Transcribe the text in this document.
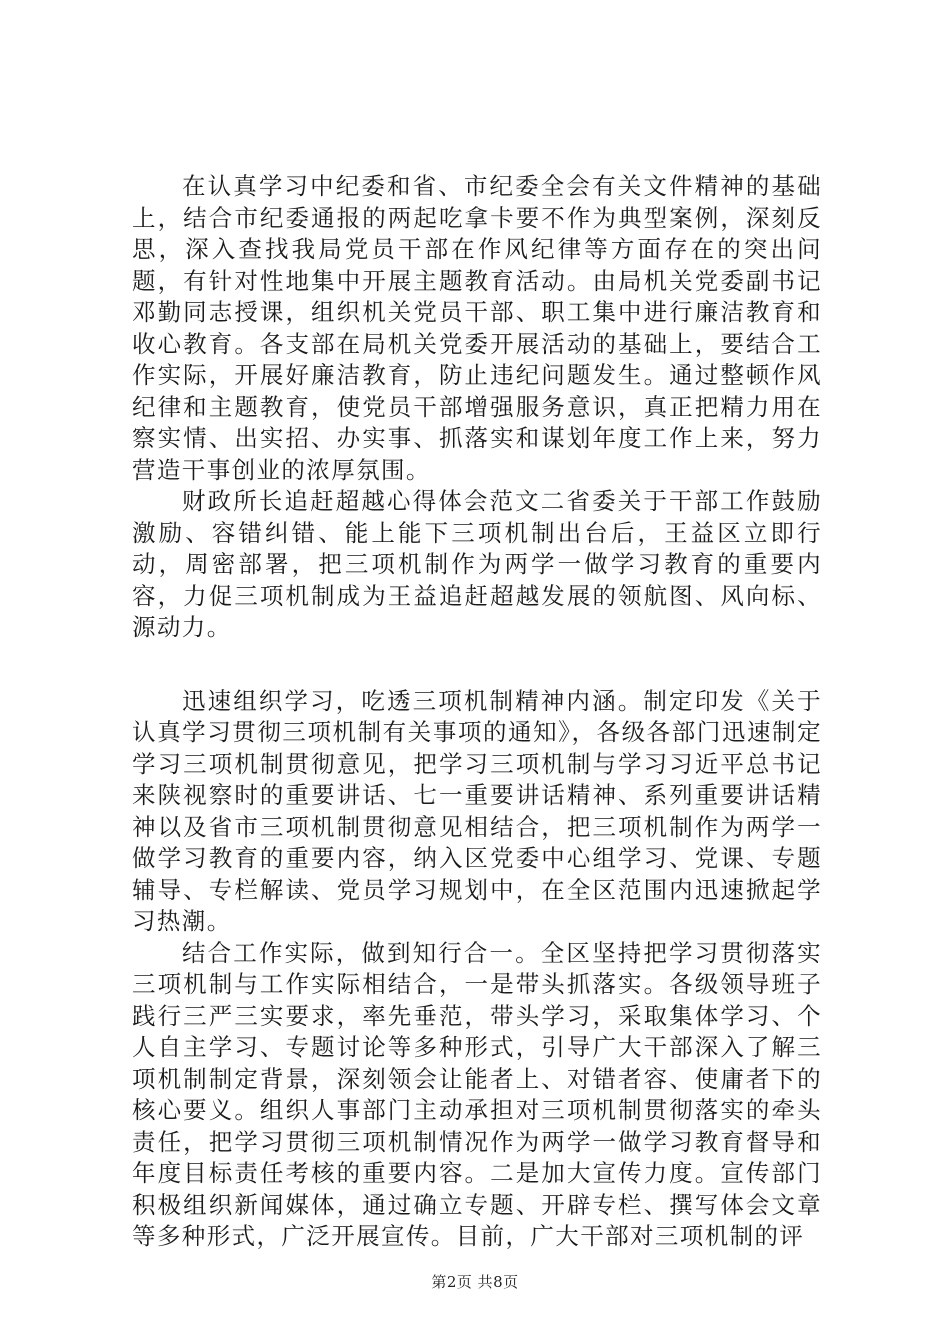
在认真学习中纪委和省、市纪委全会有关文件精神的基础上，结合市纪委通报的两起吃拿卡要不作为典型案例，深刻反思，深入查找我局党员干部在作风纪律等方面存在的突出问题，有针对性地集中开展主题教育活动。由局机关党委副书记邓勤同志授课，组织机关党员干部、职工集中进行廉洁教育和收心教育。各支部在局机关党委开展活动的基础上，要结合工作实际，开展好廉洁教育，防止违纪问题发生。通过整顿作风纪律和主题教育，使党员干部增强服务意识，真正把精力用在察实情、出实招、办实事、抓落实和谋划年度工作上来，努力营造干事创业的浓厚氛围。

财政所长追赶超越心得体会范文二省委关于干部工作鼓励激励、容错纠错、能上能下三项机制出台后，王益区立即行动，周密部署，把三项机制作为两学一做学习教育的重要内容，力促三项机制成为王益追赶超越发展的领航图、风向标、源动力。

迅速组织学习，吃透三项机制精神内涵。制定印发《关于认真学习贯彻三项机制有关事项的通知》，各级各部门迅速制定学习三项机制贯彻意见，把学习三项机制与学习习近平总书记来陕视察时的重要讲话、七一重要讲话精神、系列重要讲话精神以及省市三项机制贯彻意见相结合，把三项机制作为两学一做学习教育的重要内容，纳入区党委中心组学习、党课、专题辅导、专栏解读、党员学习规划中，在全区范围内迅速掀起学习热潮。

结合工作实际，做到知行合一。全区坚持把学习贯彻落实三项机制与工作实际相结合，一是带头抓落实。各级领导班子践行三严三实要求，率先垂范，带头学习，采取集体学习、个人自主学习、专题讨论等多种形式，引导广大干部深入了解三项机制制定背景，深刻领会让能者上、对错者容、使庸者下的核心要义。组织人事部门主动承担对三项机制贯彻落实的牵头责任，把学习贯彻三项机制情况作为两学一做学习教育督导和年度目标责任考核的重要内容。二是加大宣传力度。宣传部门积极组织新闻媒体，通过确立专题、开辟专栏、撰写体会文章等多种形式，广泛开展宣传。目前，广大干部对三项机制的评

第2页 共8页
